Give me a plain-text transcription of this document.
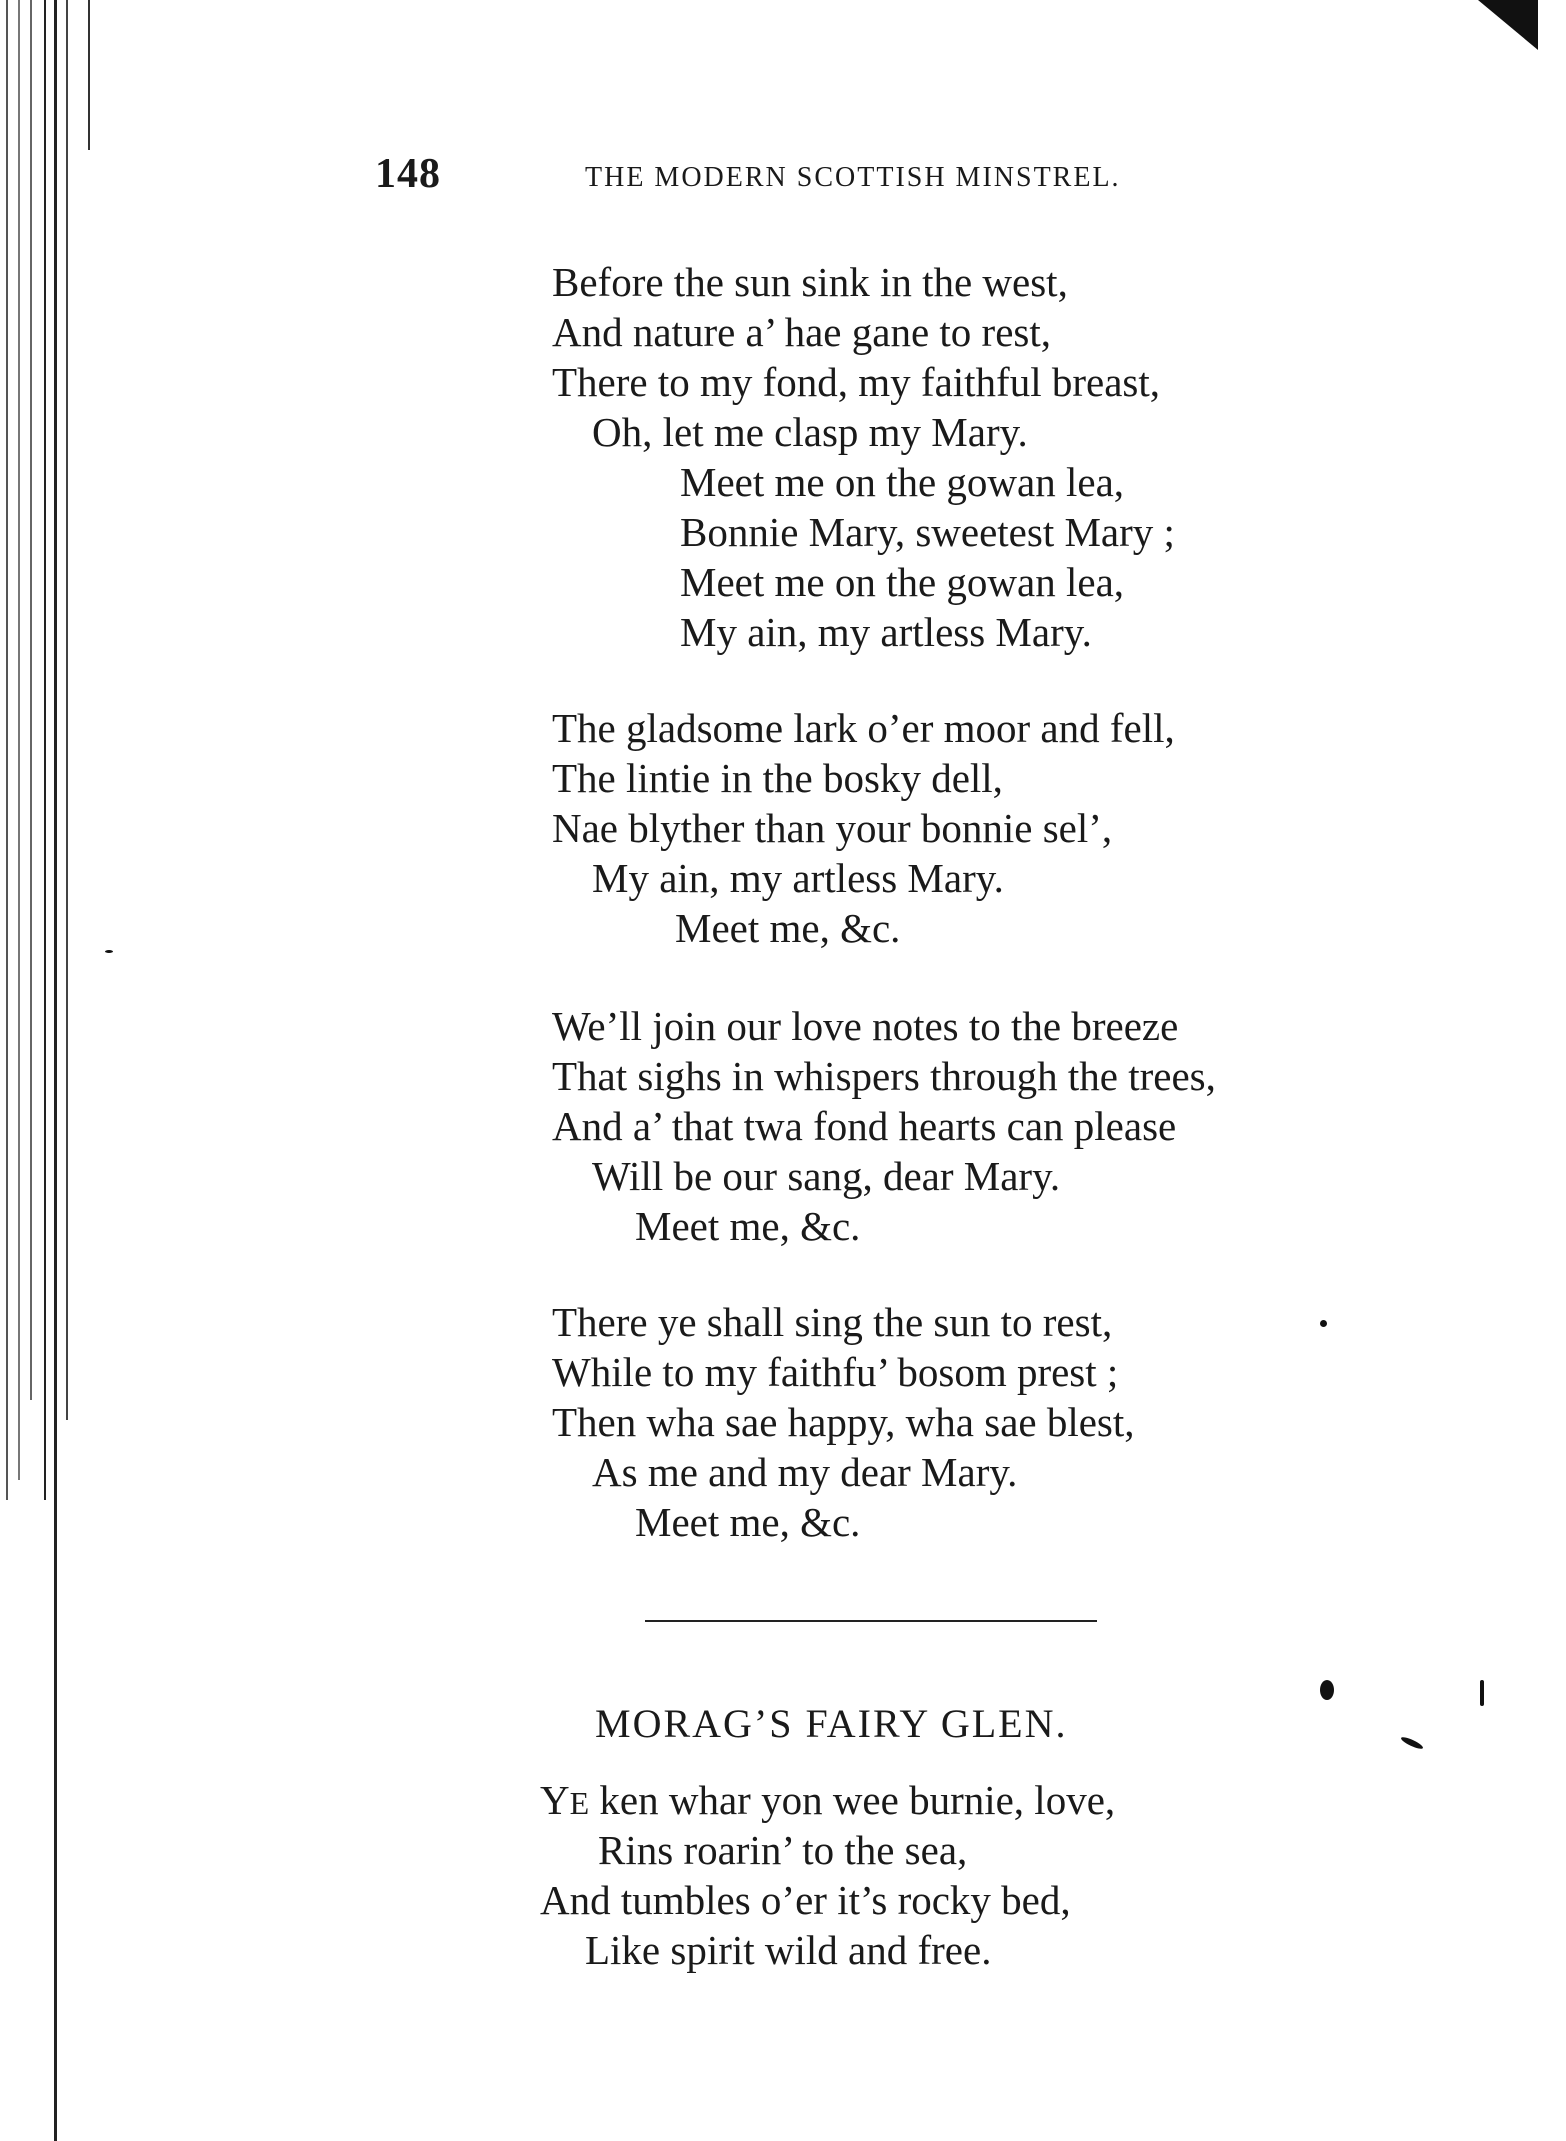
148	THE MODERN SCOTTISH MINSTREL.
Before the sun sink in the west,
And nature a’ hae gane to rest,
There to my fond, my faithful breast,
Oh, let me clasp my Mary.
Meet me on the gowan lea,
Bonnie Mary, sweetest Mary ;
Meet me on the gowan lea,
My ain, my artless Mary.
The gladsome lark o’er moor and fell,
The lintie in the bosky dell,
Nae blyther than your bonnie sel’,
My ain, my artless Mary.
Meet me, &c.
We’ll join our love notes to the breeze
That sighs in whispers through the trees,
And a’ that twa fond hearts can please
Will be our sang, dear Mary.
Meet me, &c.
There ye shall sing the sun to rest,
While to my faithfu’ bosom prest ;
Then wha sae happy, wha sae blest,
As me and my dear Mary.
Meet me, &c.
MORAG’S FAIRY GLEN.
YE ken whar yon wee burnie, love,
Rins roarin’ to the sea,
And tumbles o’er it’s rocky bed,
Like spirit wild and free.
